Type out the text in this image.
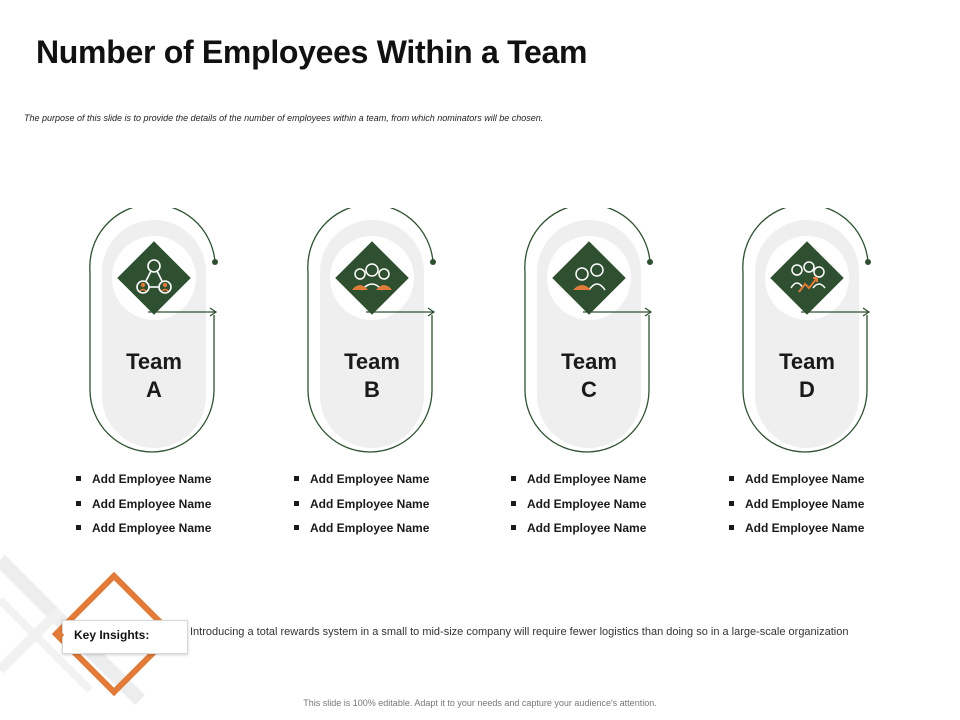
Number of Employees Within a Team

The purpose of this slide is to provide the details of the number of employees within a team, from which nominators will be chosen.

Team
A
Team
B
Team
C
Team
D
Add Employee Name
Add Employee Name
Add Employee Name
Add Employee Name
Add Employee Name
Add Employee Name
Add Employee Name
Add Employee Name
Add Employee Name
Add Employee Name
Add Employee Name
Add Employee Name
Key Insights:	Introducing a total rewards system in a small to mid-size company will require fewer logistics than doing so in a large-scale organization

This slide is 100% editable. Adapt it to your needs and capture your audience's attention.
